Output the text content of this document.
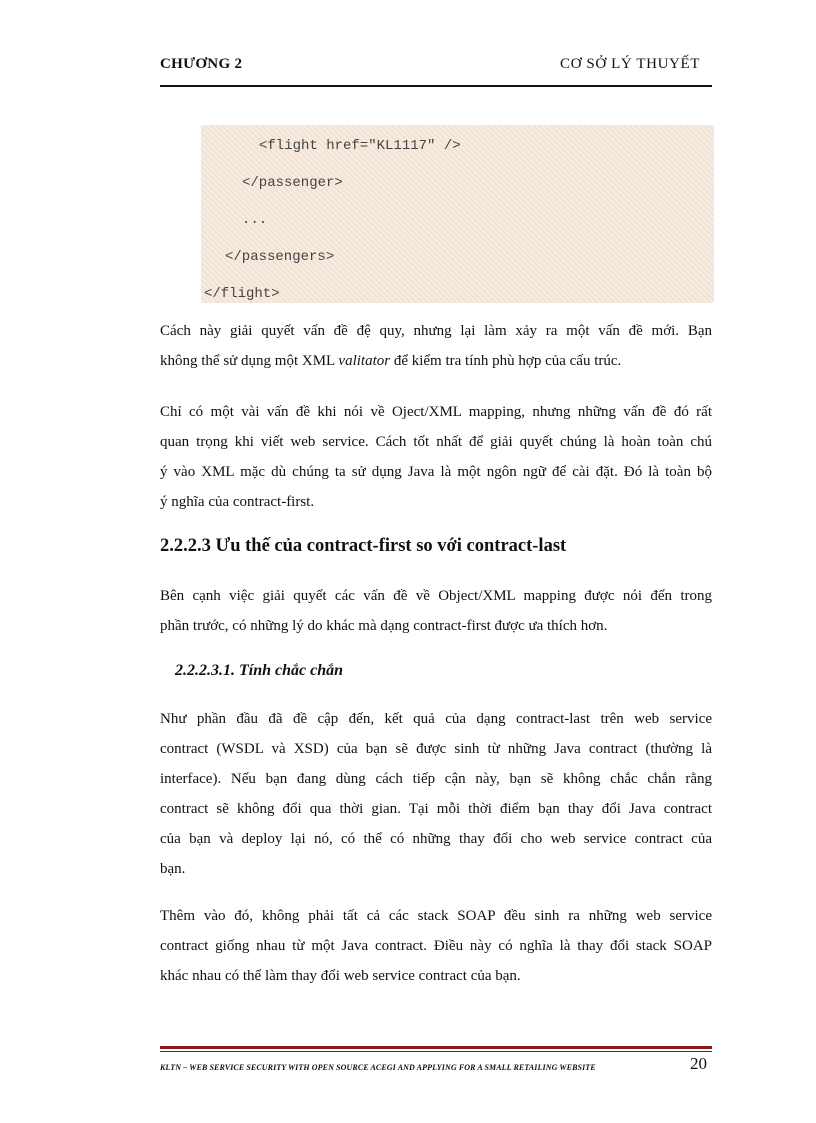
CHƯƠNG 2	CƠ SỞ LÝ THUYẾT
<flight href="KL1117" />
</passenger>
...
</passengers>
</flight>
Cách này giải quyết vấn đề đệ quy, nhưng lại làm xảy ra một vấn đề mới. Bạn
không thể sử dụng một XML valitator để kiểm tra tính phù hợp của cấu trúc.
Chỉ có một vài vấn đề khi nói về Oject/XML mapping, nhưng những vấn đề đó rất
quan trọng khi viết web service. Cách tốt nhất để giải quyết chúng là hoàn toàn chú
ý vào XML mặc dù chúng ta sử dụng Java là một ngôn ngữ để cài đặt. Đó là toàn bộ
ý nghĩa của contract-first.
2.2.2.3 Ưu thế của contract-first so với contract-last
Bên cạnh việc giải quyết các vấn đề về Object/XML mapping được nói đến trong
phần trước, có những lý do khác mà dạng contract-first được ưa thích hơn.
2.2.2.3.1. Tính chắc chắn
Như phần đầu đã đề cập đến, kết quả của dạng contract-last trên web service
contract (WSDL và XSD) của bạn sẽ được sinh từ những Java contract (thường là
interface). Nếu bạn đang dùng cách tiếp cận này, bạn sẽ không chắc chắn rằng
contract sẽ không đổi qua thời gian. Tại mỗi thời điểm bạn thay đổi Java contract
của bạn và deploy lại nó, có thể có những thay đổi cho web service contract của
bạn.
Thêm vào đó, không phải tất cả các stack SOAP đều sinh ra những web service
contract giống nhau từ một Java contract. Điều này có nghĩa là thay đổi stack SOAP
khác nhau có thể làm thay đổi web service contract của bạn.
KLTN – WEB SERVICE SECURITY WITH OPEN SOURCE ACEGI AND APPLYING FOR A SMALL RETAILING WEBSITE	20
